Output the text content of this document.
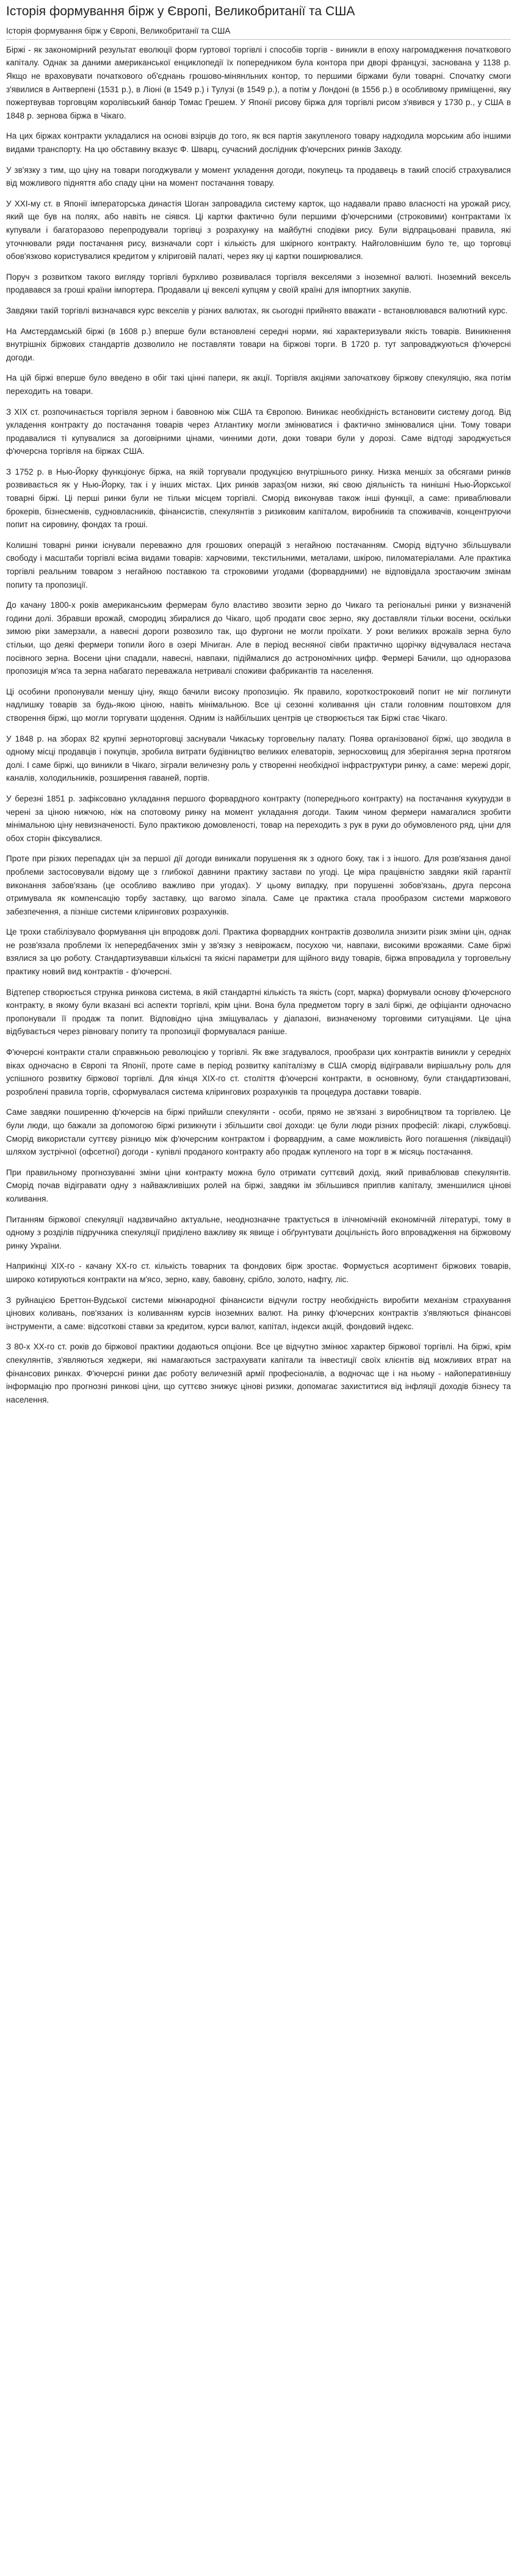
Історія формування бірж у Європі, Великобританії та США
Історія формування бірж у Європі, Великобританії та США

Біржі - як закономірний результат еволюції форм гуртової торгівлі і способів торгів - виникли в епоху нагромадження початкового капіталу. Однак за даними американської енциклопедії їх попередником була контора при дворі французі, заснована у 1138 р. Якщо не враховувати початкового об'єднань грошово-мінянльних контор, то першими біржами були товарні. Спочатку смоги з'явилися в Антверпені (1531 р.), в Ліоні (в 1549 р.) і Тулузі (в 1549 р.), а потім у Лондоні (в 1556 р.) в особливому приміщенні, яку пожертвував торговцям королівський банкір Томас Грешем. У Японії рисову біржа для торгівлі рисом з'явився у 1730 р., у США в 1848 р. зернова біржа в Чікаго.

На цих біржах контракти укладалися на основі взірців до того, як вся партія закупленого товару надходила морським або іншими видами транспорту. На цю обставину вказує Ф. Шварц, сучасний дослідник ф'ючерсних ринків Заходу.

У зв'язку з тим, що ціну на товари погоджували у момент укладення догоди, покупець та продавець в такий спосіб страхувалися від можливого підняття або спаду ціни на момент постачання товару.

У XXI-му ст. в Японії імператорська династія Шоган запровадила систему карток, що надавали право власності на урожай рису, який ще був на полях, або навіть не сіявся. Ці картки фактично були першими ф'ючерсними (строковими) контрактами їх купували і багаторазово перепродували торгівці з розрахунку на майбутні сподівки рису. Були відпрацьовані правила, які уточнювали ряди постачання рису, визначали сорт і кількість для шкірного контракту. Найголовнішим було те, що торговці обов'язково користувалися кредитом у кліриговій палаті, через яку ці картки поширювалися.

Поруч з розвитком такого вигляду торгівлі бурхливо розвивалася торгівля векселями з іноземної валюті. Іноземний вексель продавався за гроші країни імпортера. Продавали ці векселі купцям у своїй країні для імпортних закупів.

Завдяки такій торгівлі визначався курс векселів у різних валютах, як сьогодні прийнято вважати - встановлювався валютний курс.

На Амстердамській біржі (в 1608 р.) вперше були встановлені середні норми, які характеризували якість товарів. Виникнення внутрішніх біржових стандартів дозволило не поставляти товари на біржові торги. В 1720 р. тут запроваджуються ф'ючерсні догоди.

На цій біржі вперше було введено в обіг такі цінні папери, як акції. Торгівля акціями започаткову біржову спекуляцію, яка потім переходить на товари.

З XIX ст. розпочинається торгівля зерном і бавовною між США та Європою. Виникає необхідність встановити систему догод. Від укладення контракту до постачання товарів через Атлантику могли змінюватися і фактично змінювалися ціни. Тому товари продавалися ті купувалися за договірними цінами, чинними доти, доки товари були у дорозі. Саме відтоді зароджується ф'ючерсна торгівля на біржах США.

З 1752 р. в Нью-Йорку функціонує біржа, на якій торгували продукцією внутрішнього ринку. Низка меншіх за обсягами ринків розвивається як у Нью-Йорку, так і у інших містах. Цих ринків зараз(ом низки, які свою діяльність та нинішні Нью-Йоркської товарні біржі. Ці перші ринки були не тільки місцем торгівлі. Сморід виконував також інші функції, а саме: приваблювали брокерів, бізнесменів, судновласників, фінансистів, спекулянтів з ризиковим капіталом, виробників та споживачів, концентруючи попит на сировину, фондах та гроші.

Колишні товарні ринки існували переважно для грошових операцій з негайною постачанням. Сморід відтучно збільшували свободу і масштаби торгівлі всіма видами товарів: харчовими, текстильними, металами, шкірою, пиломатеріалами. Але практика торгівлі реальним товаром з негайною поставкою та строковими угодами (форвардними) не відповідала зростаючим змінам попиту та пропозиції.

До качану 1800-х років американським фермерам було властиво звозити зерно до Чикаго та регіональні ринки у визначеній години долі. Збравши врожай, смородиц збиралися до Чікаго, щоб продати своє зерно, яку доставляли тільки восени, оскільки зимою ріки замерзали, а навесні дороги розвозило так, що фургони не могли проїхати. У роки великих врожаїв зерна було стільки, що деякі фермери топили його в озері Мічиган. Але в період весняної сівби практично щорічку відчувалася нестача посівного зерна. Восени ціни спадали, навесні, навпаки, підіймалися до астрономічних цифр. Фермері Бачили, що одноразова пропозиція м'яса та зерна набагато переважала нетривалі споживи фабрикантів та населення.

Ці особини пропонували меншу ціну, якщо бачили високу пропозицію. Як правило, короткостроковий попит не міг поглинути надлишку товарів за будь-якою ціною, навіть мінімальною. Все ці сезонні коливання цін стали головним поштовхом для створення біржі, що могли торгувати щодення. Одним із найбільших центрів це створюється так Біржі стає Чікаго.

У 1848 р. на зборах 82 крупні зерноторговці заснували Чикаську торговельну палату. Поява організованої біржі, що зводила в одному місці продавців і покупців, зробила витрати будівництво великих елеваторів, зерносховищ для зберігання зерна протягом долі. І саме біржі, що виникли в Чікаго, зіграли величезну роль у створенні необхідної інфраструктури ринку, а саме: мережі доріг, каналів, холодильників, розширення гаваней, портів.

У березні 1851 р. зафіксовано укладання першого форвардного контракту (попереднього контракту) на постачання кукурудзи в черені за ціною нижчою, ніж на спотовому ринку на момент укладання догоди. Таким чином фермери намагалися зробити мінімальною ціну невизначеності. Було практикою домовленості, товар на переходить з рук в руки до обумовленого ряд, ціни для обох сторін фіксувалися.

Проте при різких перепадах цін за першої дії догоди виникали порушення як з одного боку, так і з іншого. Для розв'язання даної проблеми застосовували відому ще з глибокої давнини практику застави по угоді. Це міра працівністю завдяки якій гарантії виконання забов'язань (це особливо важливо при угодах). У цьому випадку, при порушенні зобов'язань, друга персона отримувала як компенсацію торбу заставку, що вагомо зіпала. Саме це практика стала прообразом системи маржового забезпечення, а пізніше системи клірингових розрахунків.

Це трохи стабілізувало формування цін впродовж долі. Практика форвардних контрактів дозволила знизити різик зміни цін, однак не розв'язала проблеми їх непередбачених змін у зв'язку з невірожаєм, посухою чи, навпаки, високими врожаями. Саме біржі взялися за цю роботу. Стандартизувавши кількісні та якісні параметри для щійного виду товарів, біржа впровадила у торговельну практику новий вид контрактів - ф'ючерсні.

Відтепер створюється струнка ринкова система, в якій стандартні кількість та якість (сорт, марка) формували основу ф'ючерсного контракту, в якому були вказані всі аспекти торгівлі, крім ціни. Вона була предметом торгу в залі біржі, де офіціанти одночасно пропонували її продаж та попит. Відповідно ціна зміщувалась у діапазоні, визначеному торговими ситуаціями. Це ціна відбувається через рівновагу попиту та пропозиції формувалася раніше.

Ф'ючерсні контракти стали справжньою революцією у торгівлі. Як вже згадувалося, прообрази цих контрактів виникли у середніх віках одночасно в Європі та Японії, проте саме в період розвитку капіталізму в США сморід відігравали вирішальну роль для успішного розвитку біржової торгівлі. Для кінця XIX-го ст. століття ф'ючерсні контракти, в основному, були стандартизовані, розроблені правила торгів, сформувалася система клірингових розрахунків та процедура доставки товарів.

Саме завдяки поширенню ф'ючерсів на біржі прийшли спекулянти - особи, прямо не зв'язані з виробництвом та торгівлею. Це були люди, що бажали за допомогою біржі ризикнути і збільшити свої доходи: це були люди різних професій: лікарі, службовці. Сморід використали суттєву різницю між ф'ючерсним контрактом і форвардним, а саме можливість його погашення (ліквідації) шляхом зустрічної (офсетної) догоди - купівлі проданого контракту або продаж купленого на торг в ж місяць постачання.

При правильному прогнозуванні зміни ціни контракту можна було отримати суттєвий дохід, який приваблював спекулянтів. Сморід почав відігравати одну з найважливіших ролей на біржі, завдяки ім збільшився приплив капіталу, зменшилися цінові коливання.

Питанням біржової спекуляції надзвичайно актуальне, неоднозначне трактується в ілічномічній економічній літературі, тому в одному з розділів підручника спекуляції приділено важливу як явище і обґрунтувати доцільність його впровадження на біржовому ринку України.

Наприкінці XIX-го - качану XX-го ст. кількість товарних та фондових бірж зростає. Формується асортимент біржових товарів, широко котируються контракти на м'ясо, зерно, каву, бавовну, срібло, золото, нафту, ліс.

З руйнацією Бреттон-Вудської системи міжнародної фінансисти відчули гостру необхідність виробити механізм страхування цінових коливань, пов'язаних із коливанням курсів іноземних валют. На ринку ф'ючерсних контрактів з'являються фінансові інструменти, а саме: відсоткові ставки за кредитом, курси валют, капітал, індекси акцій, фондовий індекс.

З 80-х XX-го ст. років до біржової практики додаються опціони. Все це відчутно змінює характер біржової торгівлі. На біржі, крім спекулянтів, з'являються хеджери, які намагаються застрахувати капітали та інвестиції своїх клієнтів від можливих втрат на фінансових ринках. Ф'ючерсні ринки дає роботу величезній армії професіоналів, а водночас ще і на ньому - найоперативнішу інформацію про прогнозні ринкові ціни, що суттєво знижує цінові ризики, допомагає захиститися від інфляції доходів бізнесу та населення.
